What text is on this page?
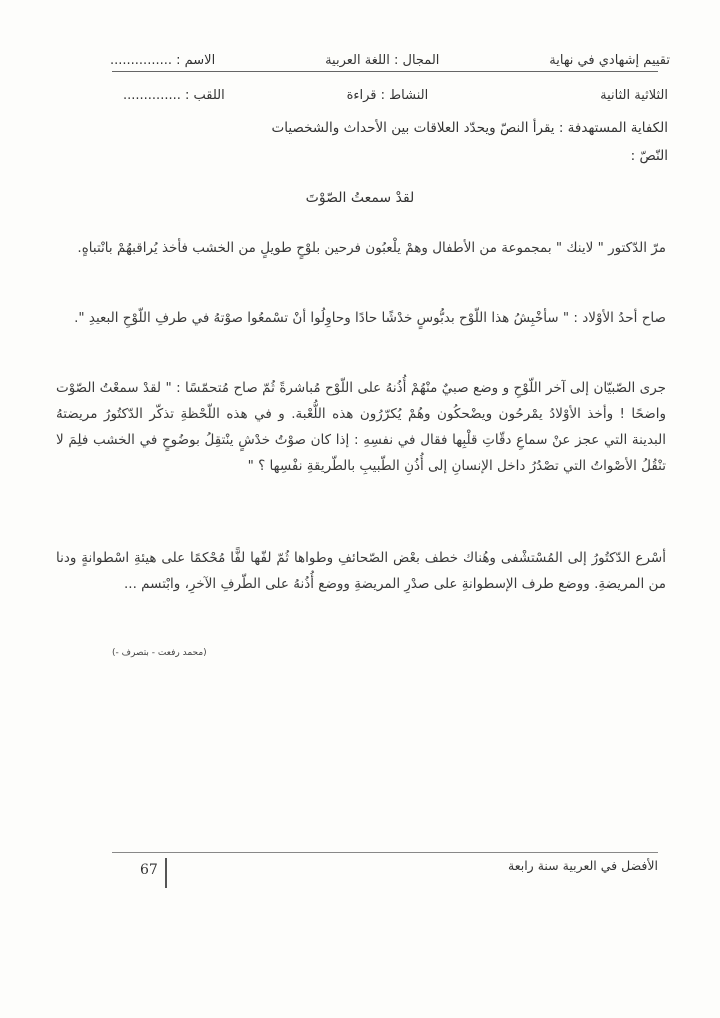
تقييم إشهادي في نهاية
المجال : اللغة العربية
الاسم : ...............
الثلاثية الثانية
النشاط : قراءة
اللقب : ..............
الكفاية المستهدفة : يقرأ النصّ ويحدّد العلاقات بين الأحداث والشخصيات
النّصّ :
لقدْ سمعتُ الصّوْتَ
مرّ الدّكتور " لاينك " بمجموعة من الأطفال وهمْ يلْعبُون فرحين بلوْحٍ طويلٍ من الخشب فأخذ يُراقبهُمْ بانْتباهٍ.
صاح أحدُ الأوْلاد : " سأخْبِشُ هذا اللّوْح بدبُّوسٍ خدْشًا حادًا وحاوِلُوا أنْ تسْمعُوا صوْتهُ في طرفِ اللّوْحِ البعيدِ ".
جرى الصّبيّان إلى آخر اللّوْحِ و وضع صبيٌ منْهُمْ أُذُنهُ على اللّوْح مُباشرةً ثُمّ صاح مُتحمّسًا : " لقدْ سمعْتُ الصّوْت واضحًا ! وأخذ الأوْلادُ يمْرحُون ويضْحكُون وهُمْ يُكرّرُون هذه اللُّعْبة. و في هذه اللّحْظةِ تذكّر الدّكتُورُ مريضتهُ البدينة التي عجز عنْ سماعِ دقّاتِ قلْبِها فقال في نفسِهِ : إذا كان صوْتُ خدْشٍ ينْتقِلُ بوضُوحٍ في الخشب فلِمَ لا تنْقُلُ الأصْواتُ التي تصْدُرُ داخل الإنسانِ إلى أُذُنِ الطّبيبِ بالطّريقةِ نفْسِها ؟ "
أسْرع الدّكتُورُ إلى المُسْتشْفى وهُناك خطف بعْض الصّحائفِ وطواها ثُمّ لفّها لفًّا مُحْكمًا على هيئةِ اسْطوانةٍ ودنا من المريضةِ. ووضع طرف الإسطوانةِ على صدْرِ المريضةِ ووضع أُذُنهُ على الطّرفِ الآخرِ، وابْتسم ...
(محمد رفعت - بتصرف -)
67	الأفضل في العربية سنة رابعة
